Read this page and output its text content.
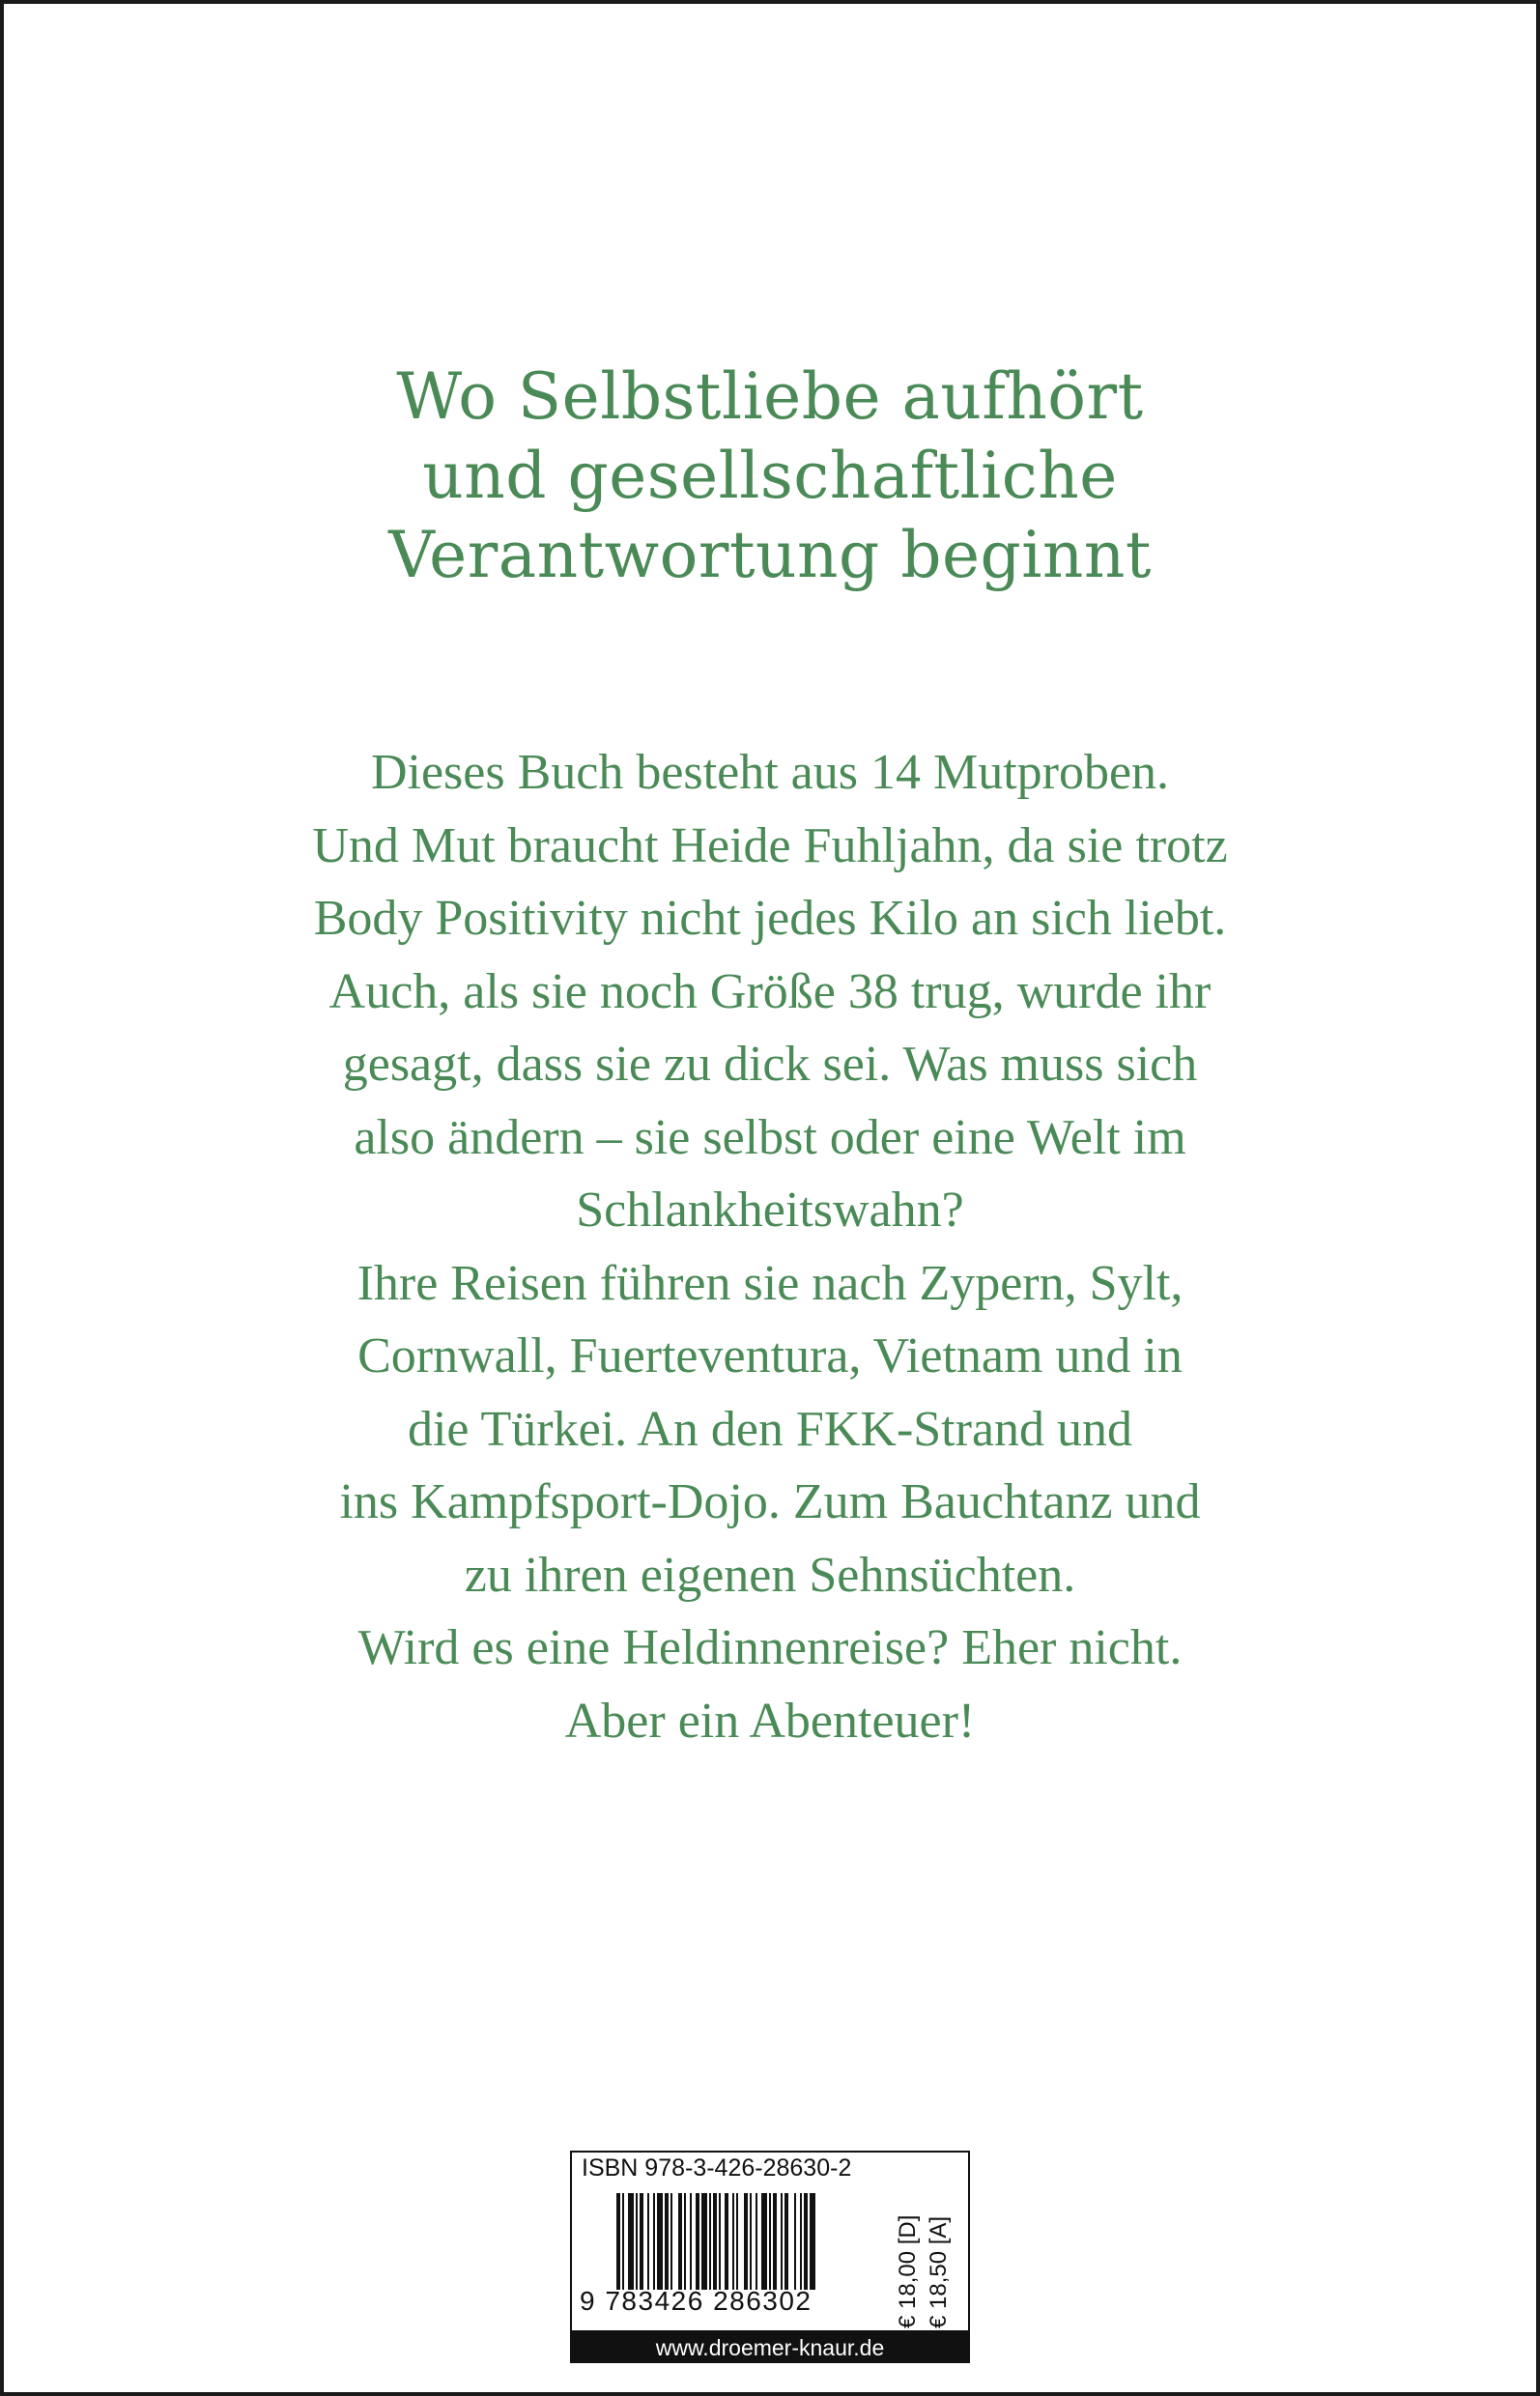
Wo Selbstliebe aufhört
und gesellschaftliche
Verantwortung beginnt
Dieses Buch besteht aus 14 Mutproben.
Und Mut braucht Heide Fuhljahn, da sie trotz
Body Positivity nicht jedes Kilo an sich liebt.
Auch, als sie noch Größe 38 trug, wurde ihr
gesagt, dass sie zu dick sei. Was muss sich
also ändern – sie selbst oder eine Welt im
Schlankheitswahn?
Ihre Reisen führen sie nach Zypern, Sylt,
Cornwall, Fuerteventura, Vietnam und in
die Türkei. An den FKK-Strand und
ins Kampfsport-Dojo. Zum Bauchtanz und
zu ihren eigenen Sehnsüchten.
Wird es eine Heldinnenreise? Eher nicht.
Aber ein Abenteuer!
ISBN 978-3-426-28630-2
9 783426 286302	€ 18,00 [D] € 18,50 [A]
www.droemer-knaur.de
